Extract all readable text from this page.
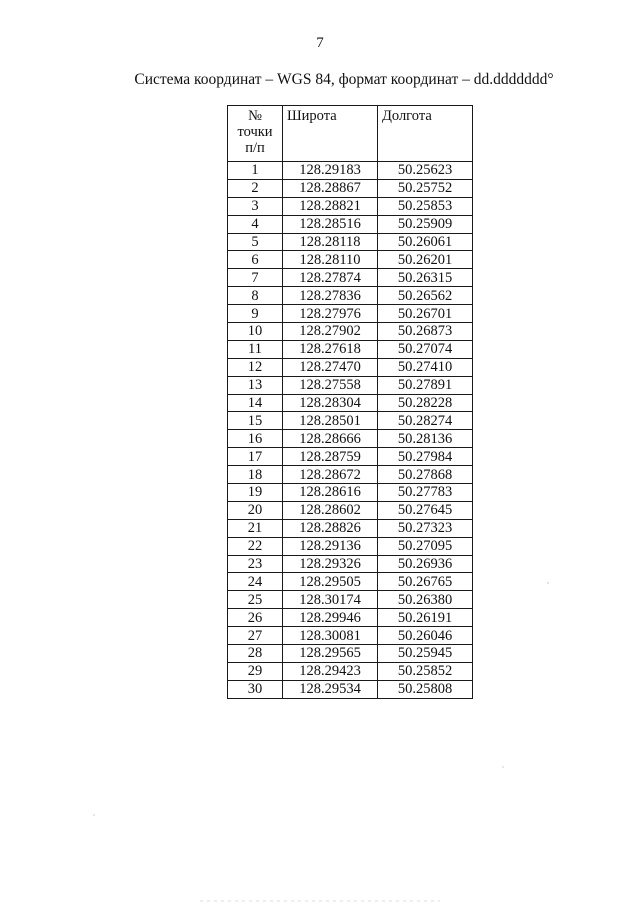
7
Система координат – WGS 84, формат координат – dd.ddddddd°
№ точки п/п	Широта	Долгота
1	128.29183	50.25623
2	128.28867	50.25752
3	128.28821	50.25853
4	128.28516	50.25909
5	128.28118	50.26061
6	128.28110	50.26201
7	128.27874	50.26315
8	128.27836	50.26562
9	128.27976	50.26701
10	128.27902	50.26873
11	128.27618	50.27074
12	128.27470	50.27410
13	128.27558	50.27891
14	128.28304	50.28228
15	128.28501	50.28274
16	128.28666	50.28136
17	128.28759	50.27984
18	128.28672	50.27868
19	128.28616	50.27783
20	128.28602	50.27645
21	128.28826	50.27323
22	128.29136	50.27095
23	128.29326	50.26936
24	128.29505	50.26765
25	128.30174	50.26380
26	128.29946	50.26191
27	128.30081	50.26046
28	128.29565	50.25945
29	128.29423	50.25852
30	128.29534	50.25808
